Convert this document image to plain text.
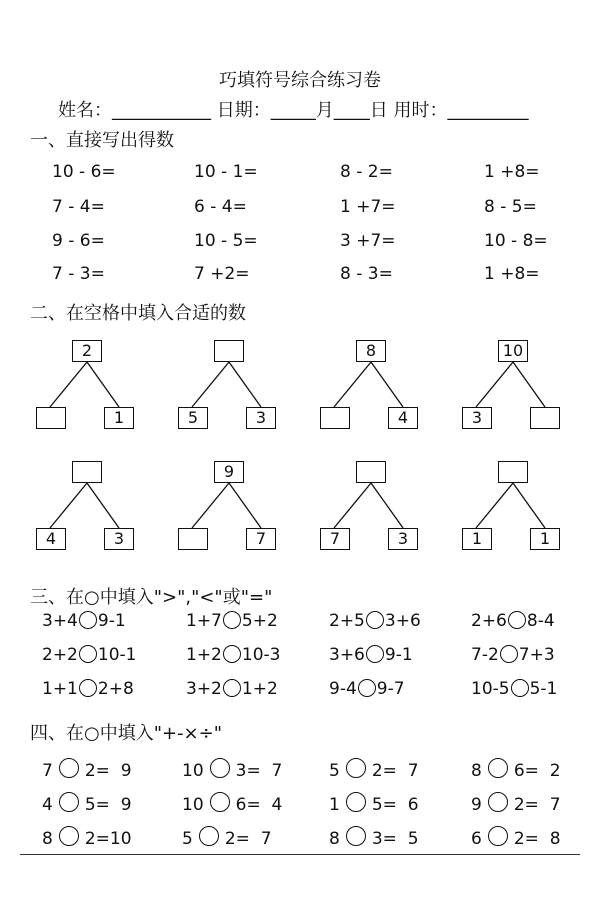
巧填符号综合练习卷
姓名：___________ 日期：_____月____日 用时：_________
一、直接写出得数
10 - 6=	10 - 1=	8 - 2=	1 +8=
7 - 4=	6 - 4=	1 +7=	8 - 5=
9 - 6=	10 - 5=	3 +7=	10 - 8=
7 - 3=	7 +2=	8 - 3=	1 +8=
二、在空格中填入合适的数
2
1	5	3
8
4
10
3
4	3
9
7	7	3	1	1
三、在○中填入">","<"或"="
3+4 9-1	1+7 5+2	2+5 3+6	2+6 8-4
2+2 10-1	1+2 10-3	3+6 9-1	7-2 7+3
1+1 2+8	3+2 1+2	9-4 9-7	10-5 5-1
四、在○中填入"+-×÷"
7 2=  9	10 3=  7	5 2=  7	8 6=  2
4 5=  9	10 6=  4	1 5=  6	9 2=  7
8 2=10	5 2=  7	8 3=  5	6 2=  8
